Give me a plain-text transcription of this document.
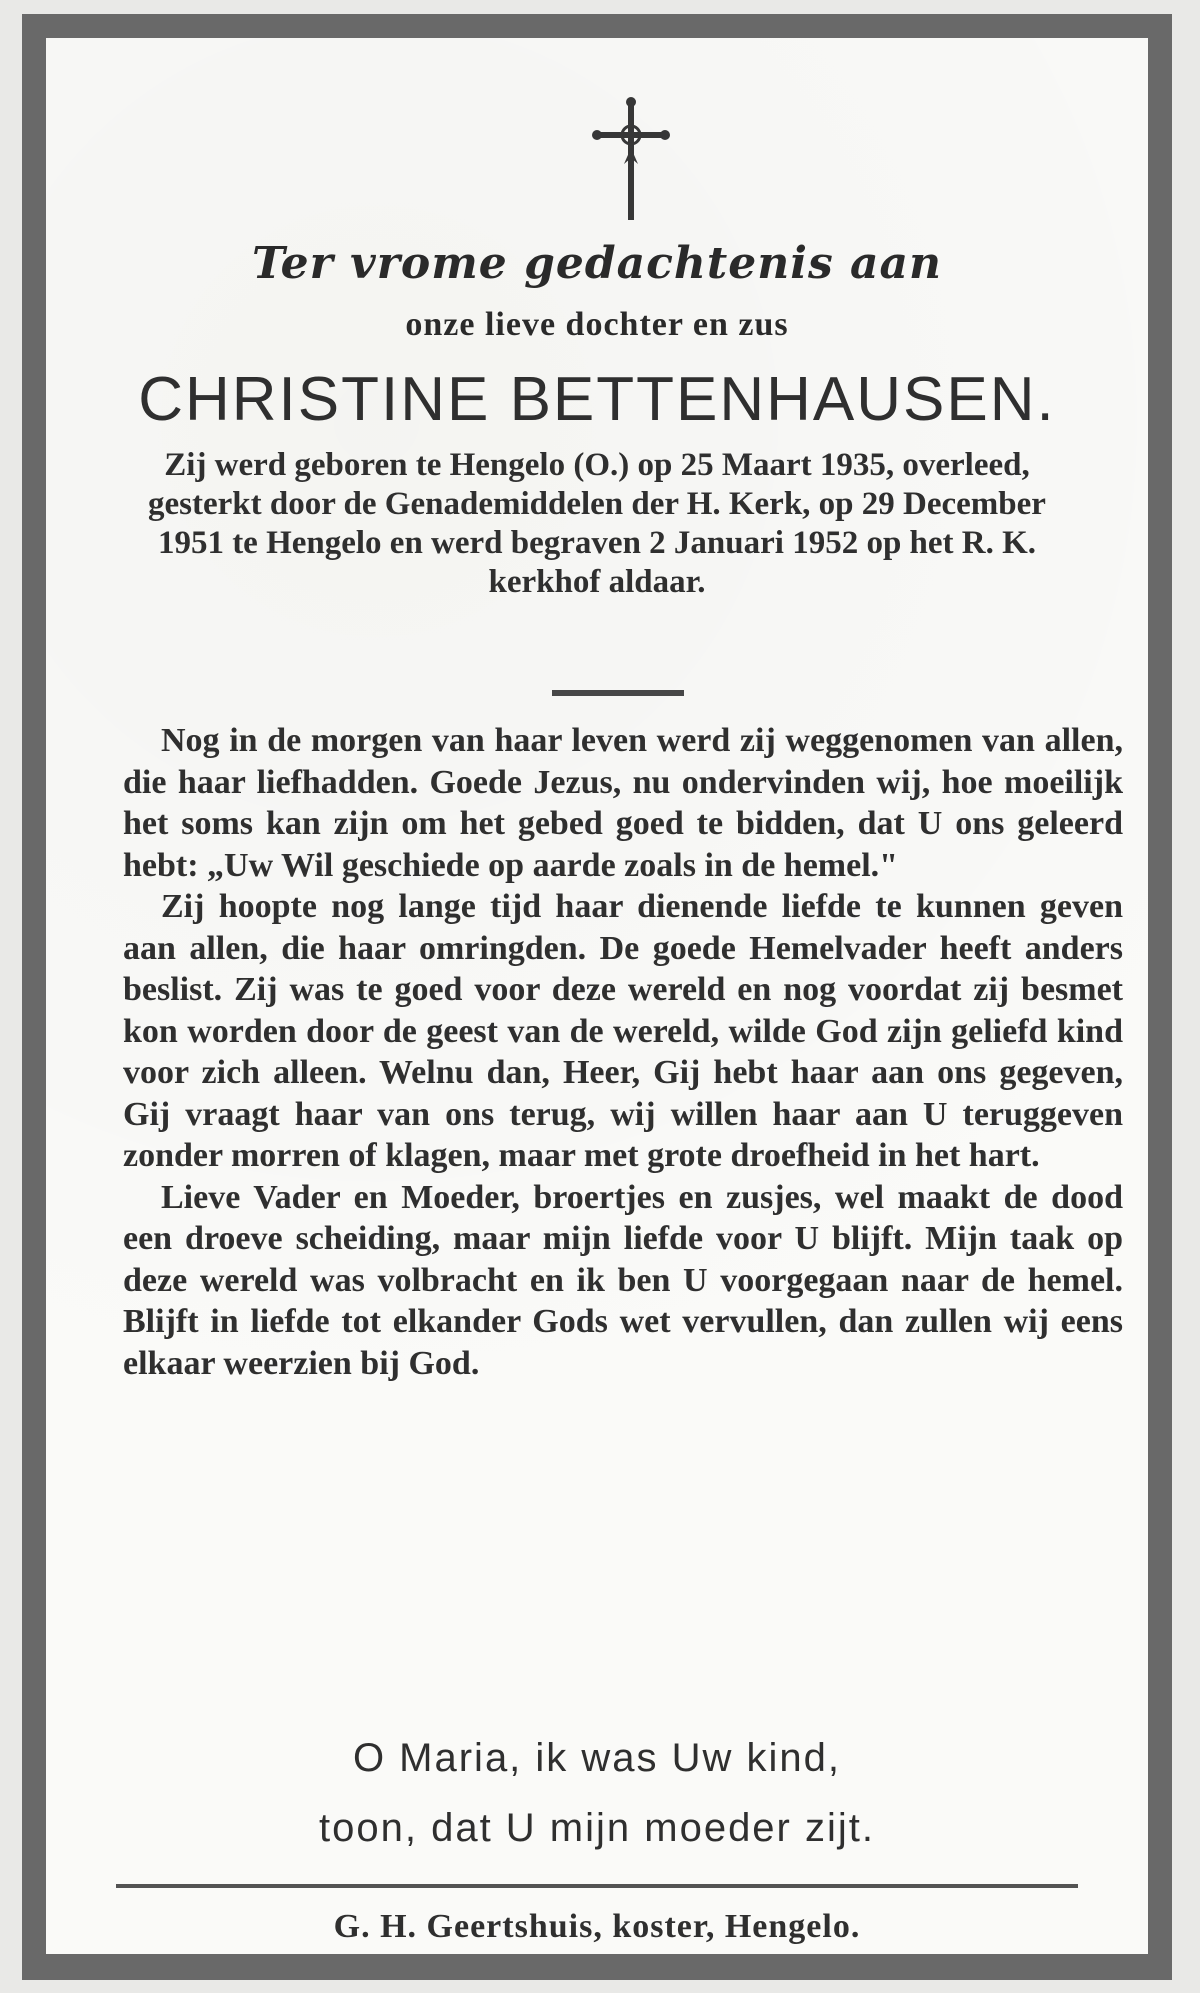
Ter vrome gedachtenis aan
onze lieve dochter en zus
CHRISTINE BETTENHAUSEN.
Zij werd geboren te Hengelo (O.) op 25 Maart 1935, overleed, gesterkt door de Genademiddelen der H. Kerk, op 29 December 1951 te Hengelo en werd begraven 2 Januari 1952 op het R. K. kerkhof aldaar.

Nog in de morgen van haar leven werd zij weggenomen van allen, die haar liefhadden. Goede Jezus, nu ondervinden wij, hoe moeilijk het soms kan zijn om het gebed goed te bidden, dat U ons geleerd hebt: „Uw Wil geschiede op aarde zoals in de hemel."

Zij hoopte nog lange tijd haar dienende liefde te kunnen geven aan allen, die haar omringden. De goede Hemelvader heeft anders beslist. Zij was te goed voor deze wereld en nog voordat zij besmet kon worden door de geest van de wereld, wilde God zijn geliefd kind voor zich alleen. Welnu dan, Heer, Gij hebt haar aan ons gegeven, Gij vraagt haar van ons terug, wij willen haar aan U teruggeven zonder morren of klagen, maar met grote droefheid in het hart.

Lieve Vader en Moeder, broertjes en zusjes, wel maakt de dood een droeve scheiding, maar mijn liefde voor U blijft. Mijn taak op deze wereld was volbracht en ik ben U voorgegaan naar de hemel. Blijft in liefde tot elkander Gods wet vervullen, dan zullen wij eens elkaar weerzien bij God.

O Maria, ik was Uw kind,
toon, dat U mijn moeder zijt.
G. H. Geertshuis, koster, Hengelo.
